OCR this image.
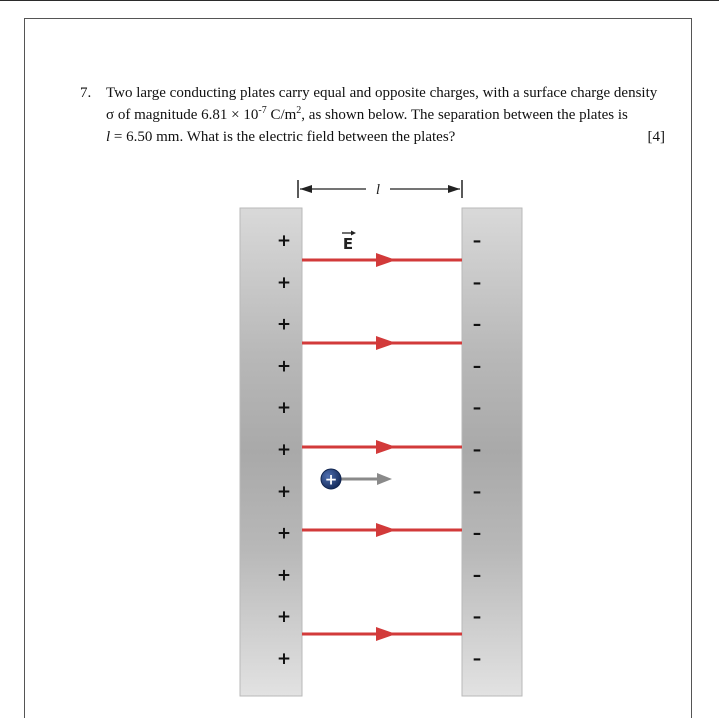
7. Two large conducting plates carry equal and opposite charges, with a surface charge density
σ of magnitude $6.81 \times 10^{-7}$ $C/m^2$, as shown below. The separation between the plates is
l = 6.50 mm. What is the electric field between the plates?	[4]
l
E
+
+
+
+
+
+
+
+
+
+
+
+
–
–
–
–
–
–
–
–
–
–
–
